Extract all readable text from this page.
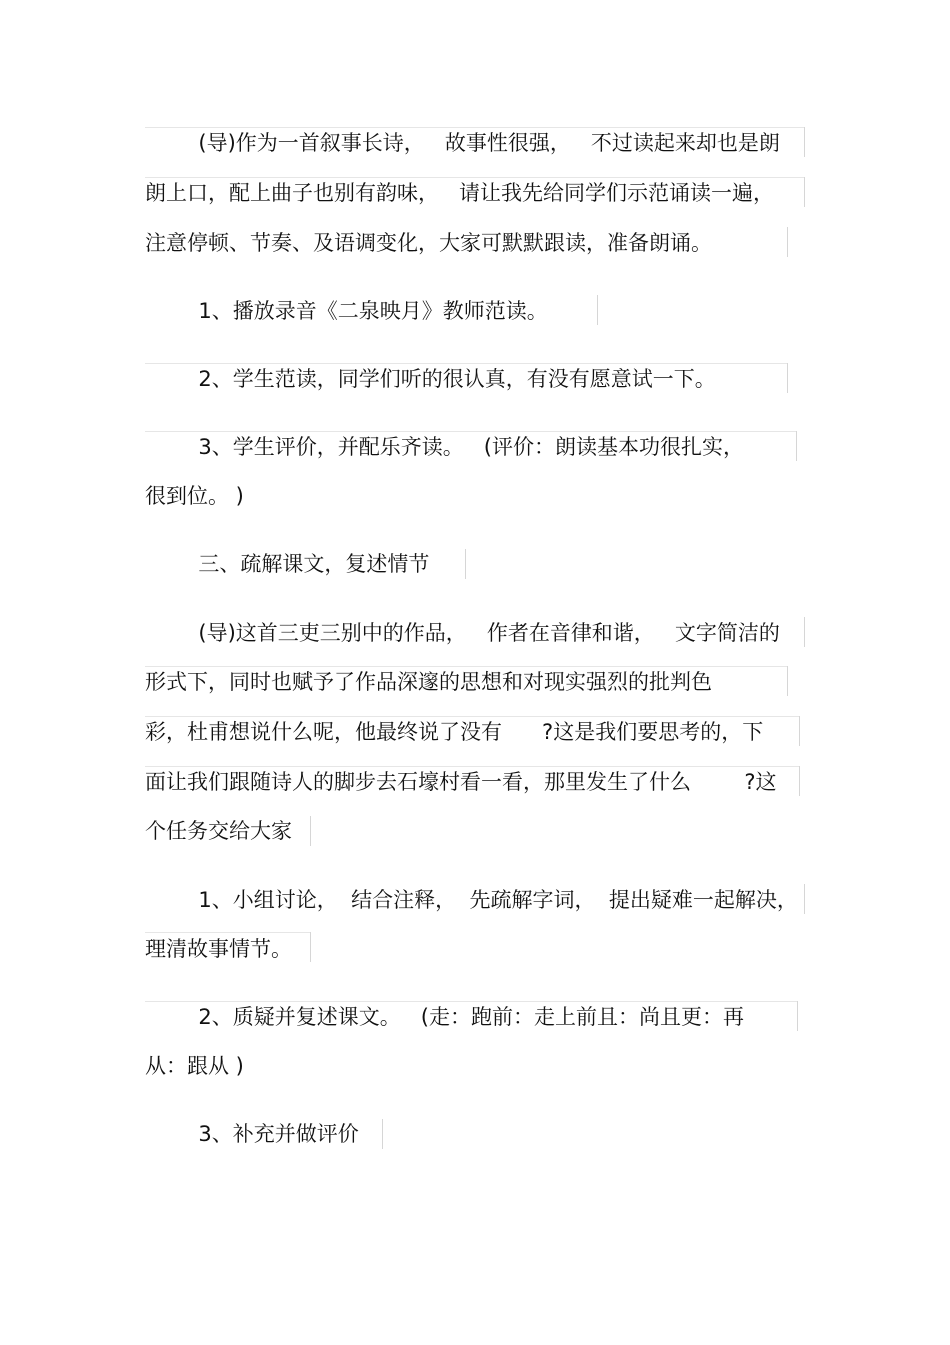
(导)作为一首叙事长诗，   故事性很强，   不过读起来却也是朗
朗上口，配上曲子也别有韵味，   请让我先给同学们示范诵读一遍，
注意停顿、节奏、及语调变化，大家可默默跟读，准备朗诵。
1、播放录音《二泉映月》教师范读。
2、学生范读，同学们听的很认真，有没有愿意试一下。
3、学生评价，并配乐齐读。   (评价：朗读基本功很扎实，
很到位。 )
三、疏解课文，复述情节
(导)这首三吏三别中的作品，   作者在音律和谐，   文字简洁的
形式下，同时也赋予了作品深邃的思想和对现实强烈的批判色
彩，杜甫想说什么呢，他最终说了没有      ?这是我们要思考的，下
面让我们跟随诗人的脚步去石壕村看一看，那里发生了什么        ?这
个任务交给大家
1、小组讨论，  结合注释，  先疏解字词，  提出疑难一起解决，
理清故事情节。
2、质疑并复述课文。   (走：跑前：走上前且：尚且更：再
从：跟从 )
3、补充并做评价
